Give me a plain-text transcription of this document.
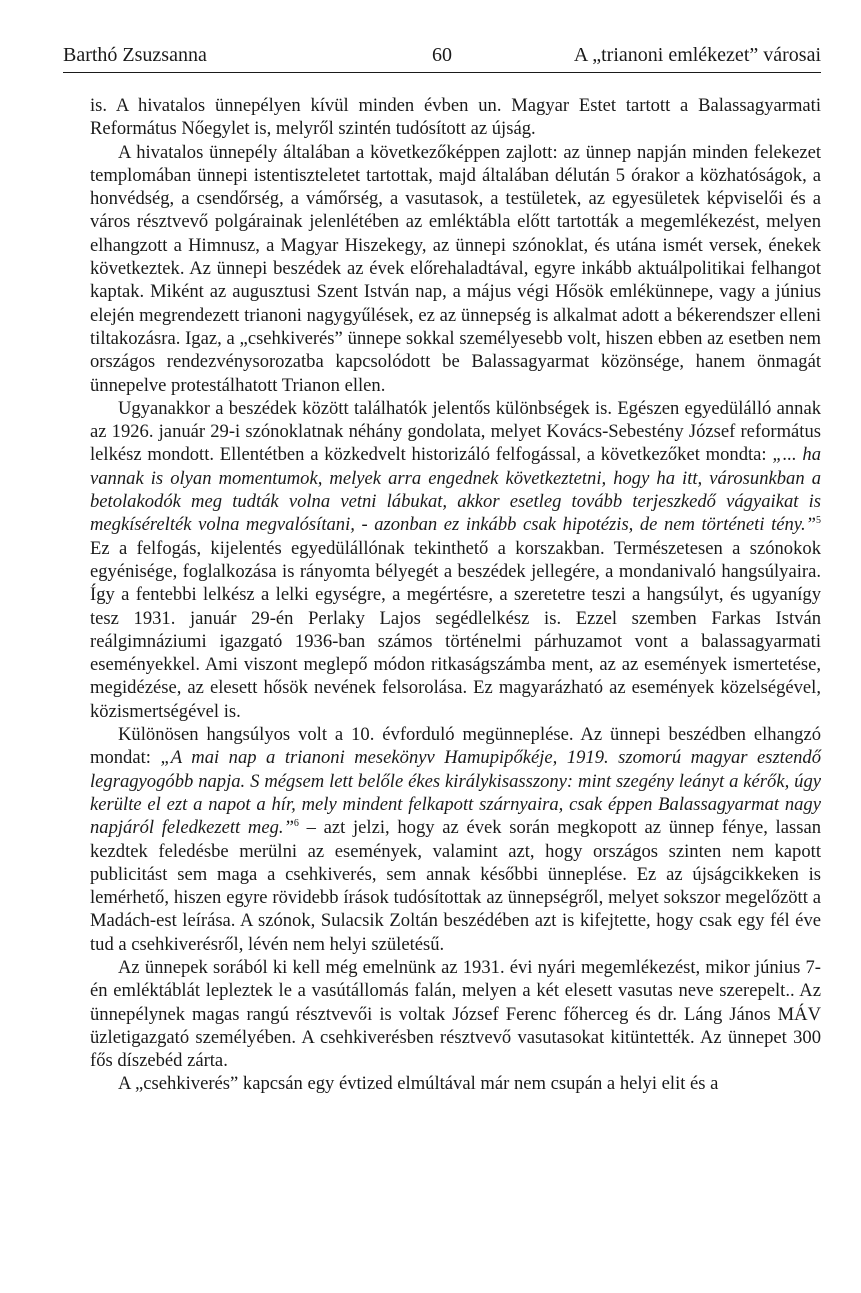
Barthó Zsuzsanna	60	A „trianoni emlékezet” városai

is. A hivatalos ünnepélyen kívül minden évben un. Magyar Estet tartott a Balassagyarmati Református Nőegylet is, melyről szintén tudósított az újság.

A hivatalos ünnepély általában a következőképpen zajlott: az ünnep napján minden felekezet templomában ünnepi istentiszteletet tartottak, majd általában délután 5 órakor a közhatóságok, a honvédség, a csendőrség, a vámőrség, a vasutasok, a testületek, az egyesületek képviselői és a város résztvevő polgárainak jelenlétében az emléktábla előtt tartották a megemlékezést, melyen elhangzott a Himnusz, a Magyar Hiszekegy, az ünnepi szónoklat, és utána ismét versek, énekek következtek. Az ünnepi beszédek az évek előrehaladtával, egyre inkább aktuálpolitikai felhangot kaptak. Miként az augusztusi Szent István nap, a május végi Hősök emlékünnepe, vagy a június elején megrendezett trianoni nagygyűlések, ez az ünnepség is alkalmat adott a békerendszer elleni tiltakozásra. Igaz, a „csehkiverés” ünnepe sokkal személyesebb volt, hiszen ebben az esetben nem országos rendezvénysorozatba kapcsolódott be Balassagyarmat közönsége, hanem önmagát ünnepelve protestálhatott Trianon ellen.

Ugyanakkor a beszédek között találhatók jelentős különbségek is. Egészen egyedülálló annak az 1926. január 29-i szónoklatnak néhány gondolata, melyet Kovács-Sebestény József református lelkész mondott. Ellentétben a közkedvelt historizáló felfogással, a következőket mondta: „... ha vannak is olyan momentumok, melyek arra engednek következtetni, hogy ha itt, városunkban a betolakodók meg tudták volna vetni lábukat, akkor esetleg tovább terjeszkedő vágyaikat is megkísérelték volna megvalósítani, - azonban ez inkább csak hipotézis, de nem történeti tény.”$^5$ Ez a felfogás, kijelentés egyedülállónak tekinthető a korszakban. Természetesen a szónokok egyénisége, foglalkozása is rányomta bélyegét a beszédek jellegére, a mondanivaló hangsúlyaira. Így a fentebbi lelkész a lelki egységre, a megértésre, a szeretetre teszi a hangsúlyt, és ugyanígy tesz 1931. január 29-én Perlaky Lajos segédlelkész is. Ezzel szemben Farkas István reálgimnáziumi igazgató 1936-ban számos történelmi párhuzamot vont a balassagyarmati eseményekkel. Ami viszont meglepő módon ritkaságszámba ment, az az események ismertetése, megidézése, az elesett hősök nevének felsorolása. Ez magyarázható az események közelségével, közismertségével is.

Különösen hangsúlyos volt a 10. évforduló megünneplése. Az ünnepi beszédben elhangzó mondat: „A mai nap a trianoni mesekönyv Hamupipőkéje, 1919. szomorú magyar esztendő legragyogóbb napja. S mégsem lett belőle ékes királykisasszony: mint szegény leányt a kérők, úgy kerülte el ezt a napot a hír, mely mindent felkapott szárnyaira, csak éppen Balassagyarmat nagy napjáról feledkezett meg.”$^6$ – azt jelzi, hogy az évek során megkopott az ünnep fénye, lassan kezdtek feledésbe merülni az események, valamint azt, hogy országos szinten nem kapott publicitást sem maga a csehkiverés, sem annak későbbi ünneplése. Ez az újságcikkeken is lemérhető, hiszen egyre rövidebb írások tudósítottak az ünnepségről, melyet sokszor megelőzött a Madách-est leírása. A szónok, Sulacsik Zoltán beszédében azt is kifejtette, hogy csak egy fél éve tud a csehkiverésről, lévén nem helyi születésű.

Az ünnepek sorából ki kell még emelnünk az 1931. évi nyári megemlékezést, mikor június 7-én emléktáblát lepleztek le a vasútállomás falán, melyen a két elesett vasutas neve szerepelt.. Az ünnepélynek magas rangú résztvevői is voltak József Ferenc főherceg és dr. Láng János MÁV üzletigazgató személyében. A csehkiverésben résztvevő vasutasokat kitüntették. Az ünnepet 300 fős díszebéd zárta.

A „csehkiverés” kapcsán egy évtized elmúltával már nem csupán a helyi elit és a
